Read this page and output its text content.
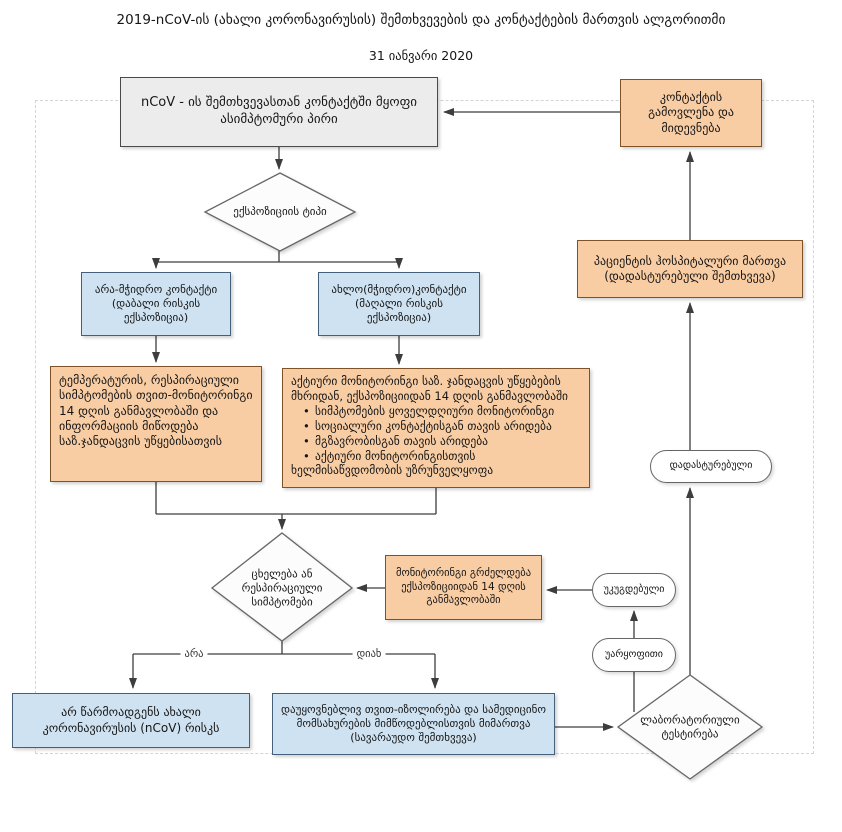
2019-nCoV-ის (ახალი კორონავირუსის) შემთხვევების და კონტაქტების მართვის ალგორითმი
31 იანვარი 2020
nCoV - ის შემთხვევასთან კონტაქტში მყოფი ასიმპტომური პირი
კონტაქტის გამოვლენა და მიდევნება
არა-მჭიდრო კონტაქტი (დაბალი რისკის ექსპოზიცია)
ახლო(მჭიდრო)კონტაქტი (მაღალი რისკის ექსპოზიცია)
ტემპერატურის, რესპირაციული სიმპტომების თვით-მონიტორინგი 14 დღის განმავლობაში და ინფორმაციის მიწოდება საზ.ჯანდაცვის უწყებისათვის
აქტიური მონიტორინგი საზ. ჯანდაცვის უწყებების მხრიდან, ექსპოზიციიდან 14 დღის განმავლობაში
• სიმპტომების ყოველდღიური მონიტორინგი
• სოციალური კონტაქტისგან თავის არიდება
• მგზავრობისგან თავის არიდება
• აქტიური მონიტორინგისთვის ხელმისაწვდომობის უზრუნველყოფა
მონიტორინგი გრძელდება ექსპოზიციიდან 14 დღის განმავლობაში
უკუგდებული
უარყოფითი
დადასტურებული
პაციენტის ჰოსპიტალური მართვა (დადასტურებული შემთხვევა)
არ წარმოადგენს ახალი კორონავირუსის (nCoV) რისკს
დაუყოვნებლივ თვით-იზოლირება და სამედიცინო მომსახურების მიმწოდებლისთვის მიმართვა (სავარაუდო შემთხვევა)
ექსპოზიციის ტიპი
ცხელება ან რესპირაციული სიმპტომები
ლაბორატორიული ტესტირება
არა	დიახ
